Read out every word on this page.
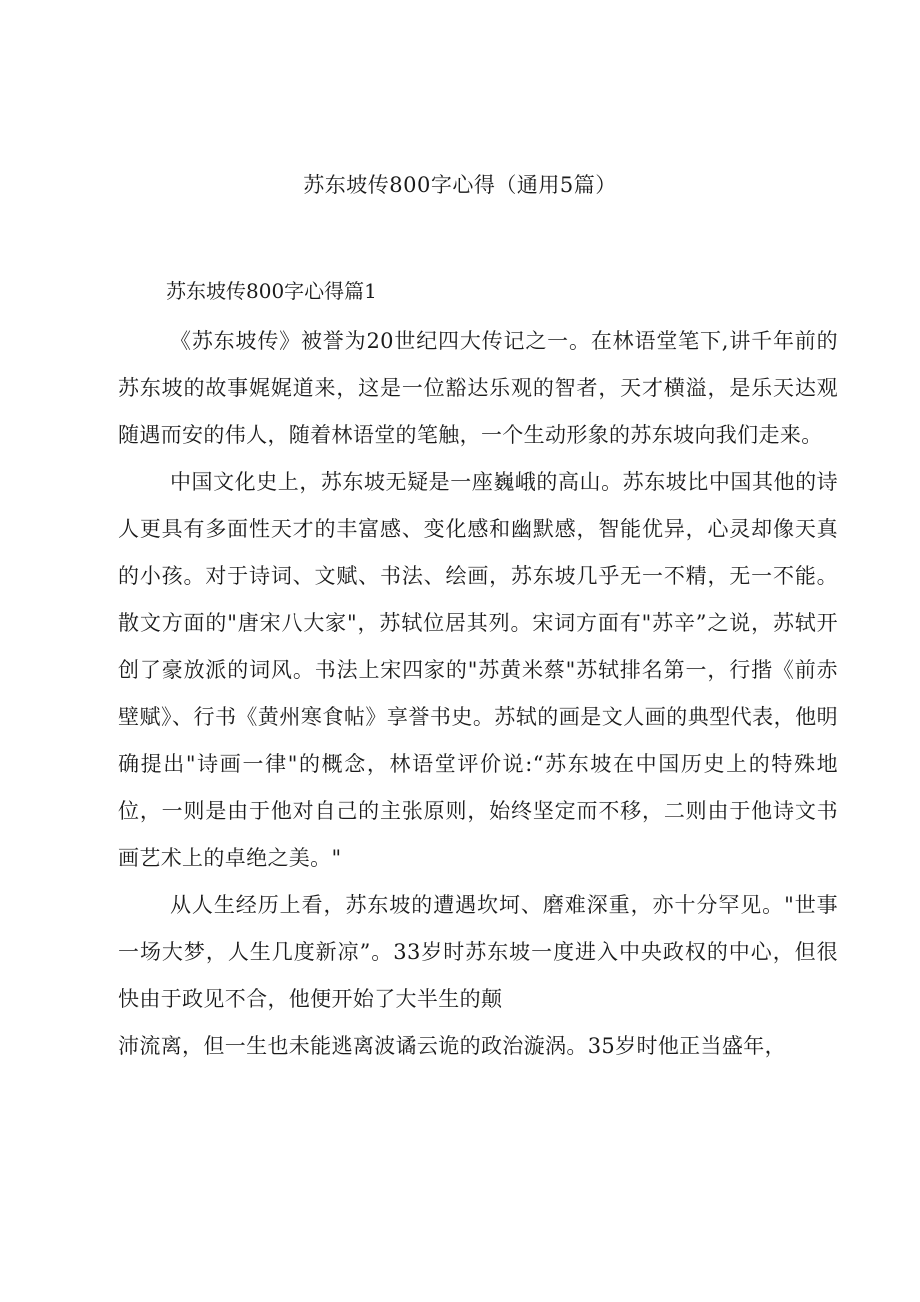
苏东坡传800字心得（通用5篇）
苏东坡传800字心得篇1

《苏东坡传》被誉为20世纪四大传记之一。在林语堂笔下,讲千年前的苏东坡的故事娓娓道来，这是一位豁达乐观的智者，天才横溢，是乐天达观随遇而安的伟人，随着林语堂的笔触，一个生动形象的苏东坡向我们走来。

中国文化史上，苏东坡无疑是一座巍峨的高山。苏东坡比中国其他的诗人更具有多面性天才的丰富感、变化感和幽默感，智能优异，心灵却像天真的小孩。对于诗词、文赋、书法、绘画，苏东坡几乎无一不精，无一不能。散文方面的"唐宋八大家"，苏轼位居其列。宋词方面有"苏辛”之说，苏轼开创了豪放派的词风。书法上宋四家的"苏黄米蔡"苏轼排名第一，行揩《前赤壁赋》、行书《黄州寒食帖》享誉书史。苏轼的画是文人画的典型代表，他明确提出"诗画一律"的概念，林语堂评价说:“苏东坡在中国历史上的特殊地位，一则是由于他对自己的主张原则，始终坚定而不移，二则由于他诗文书画艺术上的卓绝之美。"

从人生经历上看，苏东坡的遭遇坎坷、磨难深重，亦十分罕见。"世事一场大梦，人生几度新凉”。33岁时苏东坡一度进入中央政权的中心，但很快由于政见不合，他便开始了大半生的颠

沛流离，但一生也未能逃离波谲云诡的政治漩涡。35岁时他正当盛年，
